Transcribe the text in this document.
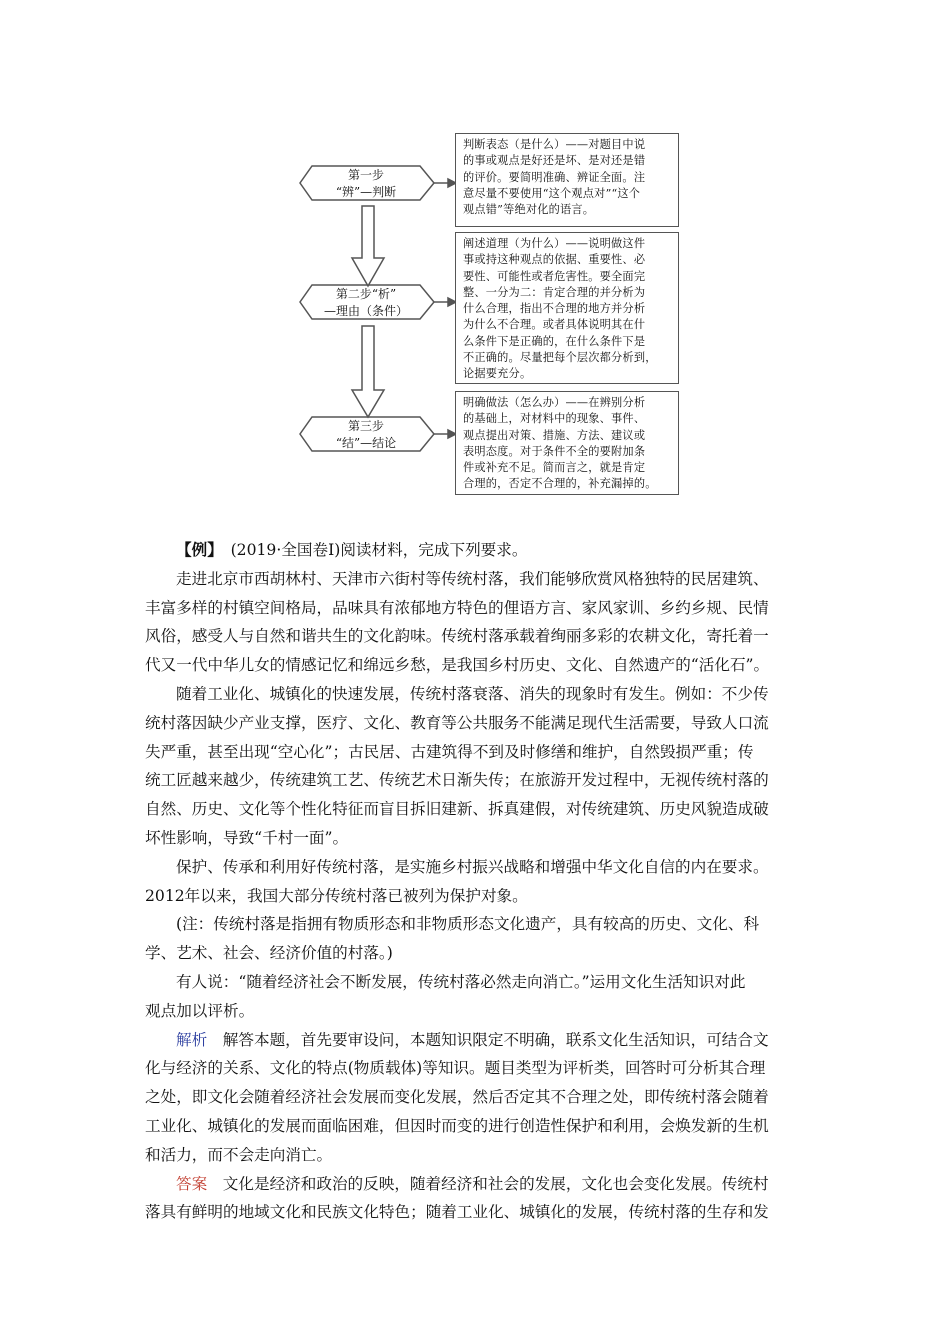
第一步
“辨”—判断
第二步“析”
—理由（条件）
第三步
“结”—结论
判断表态（是什么）——对题目中说
的事或观点是好还是坏、是对还是错
的评价。要简明准确、辨证全面。注
意尽量不要使用“这个观点对”“这个
观点错”等绝对化的语言。
阐述道理（为什么）——说明做这件
事或持这种观点的依据、重要性、必
要性、可能性或者危害性。要全面完
整、一分为二：肯定合理的并分析为
什么合理，指出不合理的地方并分析
为什么不合理。或者具体说明其在什
么条件下是正确的，在什么条件下是
不正确的。尽量把每个层次都分析到，
论据要充分。
明确做法（怎么办）——在辨别分析
的基础上，对材料中的现象、事件、
观点提出对策、措施、方法、建议或
表明态度。对于条件不全的要附加条
件或补充不足。简而言之，就是肯定
合理的，否定不合理的，补充漏掉的。

【例】　(2019·全国卷Ⅰ)阅读材料，完成下列要求。

走进北京市西胡林村、天津市六街村等传统村落，我们能够欣赏风格独特的民居建筑、

丰富多样的村镇空间格局，品味具有浓郁地方特色的俚语方言、家风家训、乡约乡规、民情

风俗，感受人与自然和谐共生的文化韵味。传统村落承载着绚丽多彩的农耕文化，寄托着一

代又一代中华儿女的情感记忆和绵远乡愁，是我国乡村历史、文化、自然遗产的“活化石”。

随着工业化、城镇化的快速发展，传统村落衰落、消失的现象时有发生。例如：不少传

统村落因缺少产业支撑，医疗、文化、教育等公共服务不能满足现代生活需要，导致人口流

失严重，甚至出现“空心化”；古民居、古建筑得不到及时修缮和维护，自然毁损严重；传

统工匠越来越少，传统建筑工艺、传统艺术日渐失传；在旅游开发过程中，无视传统村落的

自然、历史、文化等个性化特征而盲目拆旧建新、拆真建假，对传统建筑、历史风貌造成破

坏性影响，导致“千村一面”。

保护、传承和利用好传统村落，是实施乡村振兴战略和增强中华文化自信的内在要求。

2012年以来，我国大部分传统村落已被列为保护对象。

(注：传统村落是指拥有物质形态和非物质形态文化遗产，具有较高的历史、文化、科

学、艺术、社会、经济价值的村落。)

有人说：“随着经济社会不断发展，传统村落必然走向消亡。”运用文化生活知识对此

观点加以评析。

解析　解答本题，首先要审设问，本题知识限定不明确，联系文化生活知识，可结合文

化与经济的关系、文化的特点(物质载体)等知识。题目类型为评析类，回答时可分析其合理

之处，即文化会随着经济社会发展而变化发展，然后否定其不合理之处，即传统村落会随着

工业化、城镇化的发展而面临困难，但因时而变的进行创造性保护和利用，会焕发新的生机

和活力，而不会走向消亡。

答案　文化是经济和政治的反映，随着经济和社会的发展，文化也会变化发展。传统村

落具有鲜明的地域文化和民族文化特色；随着工业化、城镇化的发展，传统村落的生存和发
